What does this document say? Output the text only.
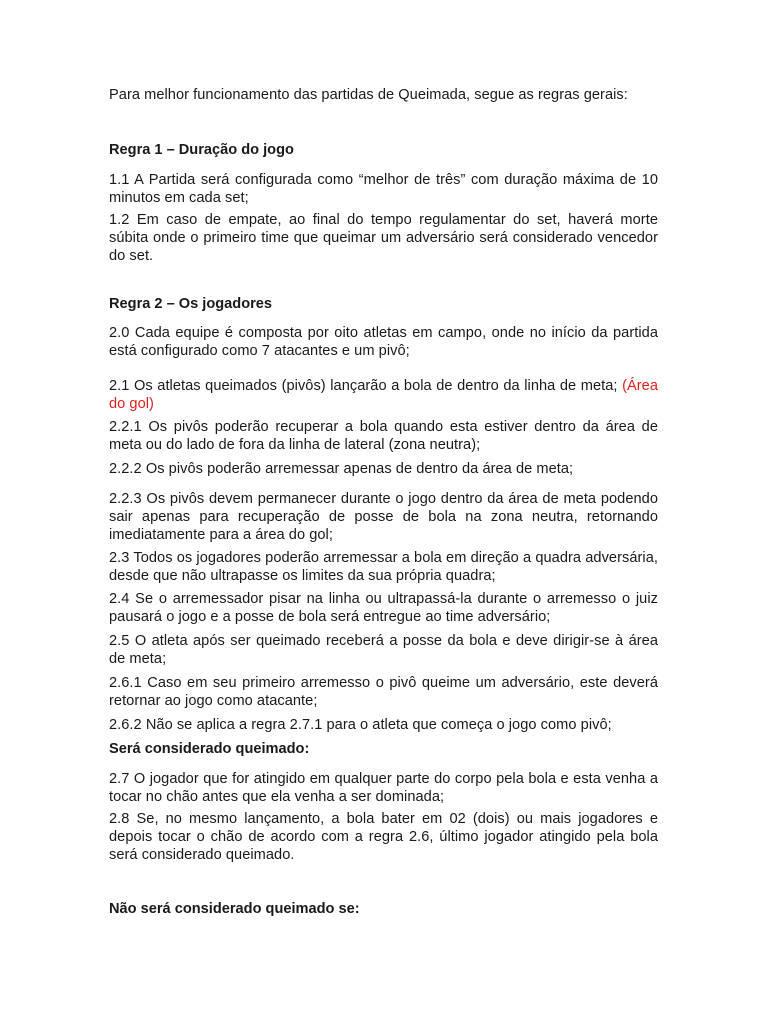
Para melhor funcionamento das partidas de Queimada, segue as regras gerais:

Regra 1 – Duração do jogo

1.1 A Partida será configurada como “melhor de três” com duração máxima de 10 minutos em cada set;

1.2 Em caso de empate, ao final do tempo regulamentar do set, haverá morte súbita onde o primeiro time que queimar um adversário será considerado vencedor do set.

Regra 2 – Os jogadores

2.0 Cada equipe é composta por oito atletas em campo, onde no início da partida está configurado como 7 atacantes e um pivô;

2.1 Os atletas queimados (pivôs) lançarão a bola de dentro da linha de meta; (Área do gol)

2.2.1 Os pivôs poderão recuperar a bola quando esta estiver dentro da área de meta ou do lado de fora da linha de lateral (zona neutra);

2.2.2 Os pivôs poderão arremessar apenas de dentro da área de meta;

2.2.3 Os pivôs devem permanecer durante o jogo dentro da área de meta podendo sair apenas para recuperação de posse de bola na zona neutra, retornando imediatamente para a área do gol;

2.3 Todos os jogadores poderão arremessar a bola em direção a quadra adversária, desde que não ultrapasse os limites da sua própria quadra;

2.4 Se o arremessador pisar na linha ou ultrapassá-la durante o arremesso o juiz pausará o jogo e a posse de bola será entregue ao time adversário;

2.5 O atleta após ser queimado receberá a posse da bola e deve dirigir-se à área de meta;

2.6.1 Caso em seu primeiro arremesso o pivô queime um adversário, este deverá retornar ao jogo como atacante;

2.6.2 Não se aplica a regra 2.7.1 para o atleta que começa o jogo como pivô;

Será considerado queimado:

2.7 O jogador que for atingido em qualquer parte do corpo pela bola e esta venha a tocar no chão antes que ela venha a ser dominada;

2.8 Se, no mesmo lançamento, a bola bater em 02 (dois) ou mais jogadores e depois tocar o chão de acordo com a regra 2.6, último jogador atingido pela bola será considerado queimado.

Não será considerado queimado se:
